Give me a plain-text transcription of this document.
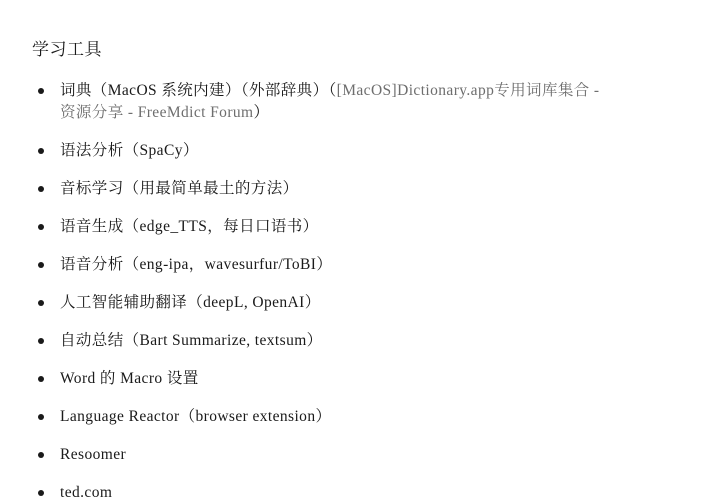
学习工具
词典（MacOS 系统内建）（外部辞典）（[MacOS]Dictionary.app专用词库集合 -
资源分享 - FreeMdict Forum）
语法分析（SpaCy）
音标学习（用最简单最土的方法）
语音生成（edge_TTS，每日口语书）
语音分析（eng-ipa，wavesurfur/ToBI）
人工智能辅助翻译（deepL, OpenAI）
自动总结（Bart Summarize, textsum）
Word 的 Macro 设置
Language Reactor（browser extension）
Resoomer
ted.com
